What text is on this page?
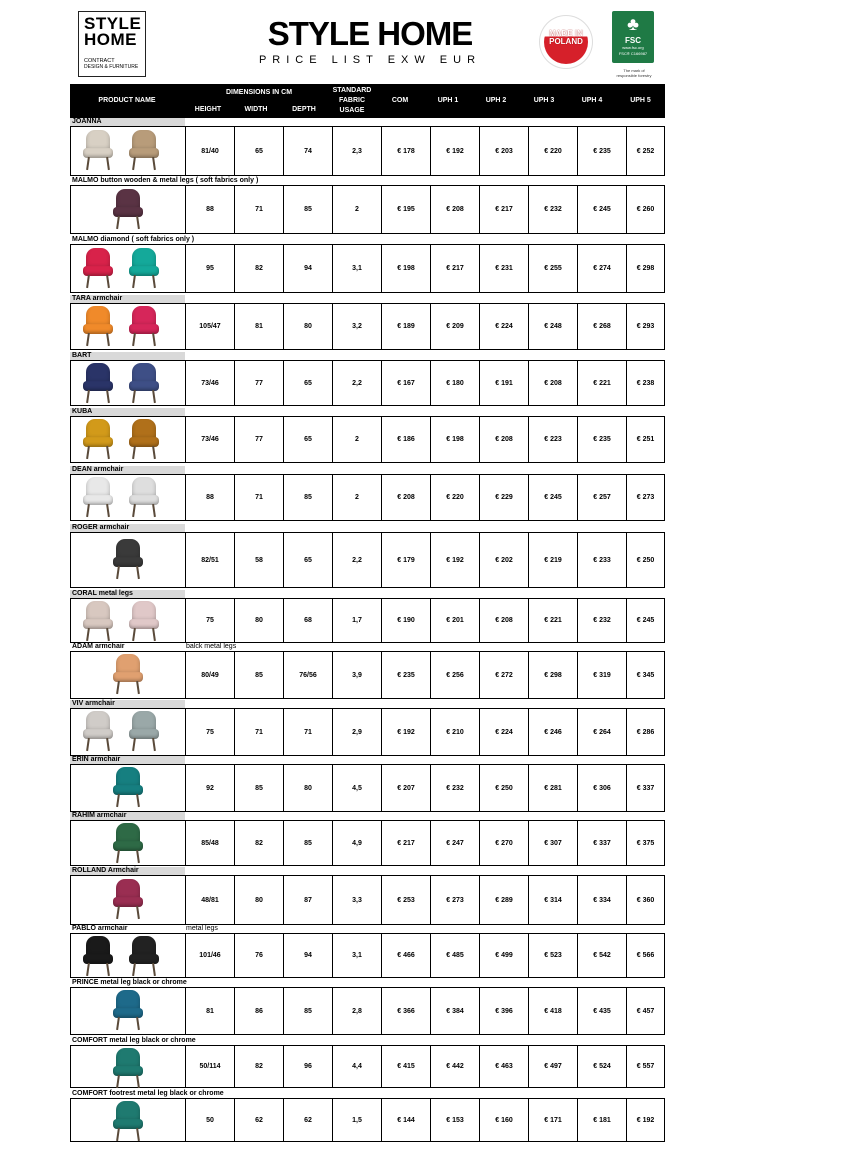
STYLE
HOME
CONTRACT
DESIGN & FURNITURE
STYLE HOME
PRICE LIST EXW EUR
MADE IN
POLAND
♣
FSC
www.fsc.org
FSC® C166987
The mark of responsible forestry
PRODUCT NAME
DIMENSIONS IN CM
HEIGHT	WIDTH	DEPTH
STANDARD
FABRIC
USAGE
COM	UPH 1	UPH 2	UPH 3	UPH 4	UPH 5
JOANNA
81/40	65	74	2,3	€ 178	€ 192	€ 203	€ 220	€ 235	€ 252
MALMO button wooden & metal legs ( soft fabrics only )
88	71	85	2	€ 195	€ 208	€ 217	€ 232	€ 245	€ 260
MALMO diamond ( soft fabrics only )
95	82	94	3,1	€ 198	€ 217	€ 231	€ 255	€ 274	€ 298
TARA armchair
105/47	81	80	3,2	€ 189	€ 209	€ 224	€ 248	€ 268	€ 293
BART
73/46	77	65	2,2	€ 167	€ 180	€ 191	€ 208	€ 221	€ 238
KUBA
73/46	77	65	2	€ 186	€ 198	€ 208	€ 223	€ 235	€ 251
DEAN armchair
88	71	85	2	€ 208	€ 220	€ 229	€ 245	€ 257	€ 273
ROGER armchair
82/51	58	65	2,2	€ 179	€ 192	€ 202	€ 219	€ 233	€ 250
CORAL metal legs
75	80	68	1,7	€ 190	€ 201	€ 208	€ 221	€ 232	€ 245
ADAM armchair	balck metal legs
80/49	85	76/56	3,9	€ 235	€ 256	€ 272	€ 298	€ 319	€ 345
VIV armchair
75	71	71	2,9	€ 192	€ 210	€ 224	€ 246	€ 264	€ 286
ERIN armchair
92	85	80	4,5	€ 207	€ 232	€ 250	€ 281	€ 306	€ 337
RAHIM armchair
85/48	82	85	4,9	€ 217	€ 247	€ 270	€ 307	€ 337	€ 375
ROLLAND Armchair
48/81	80	87	3,3	€ 253	€ 273	€ 289	€ 314	€ 334	€ 360
PABLO armchair	metal legs
101/46	76	94	3,1	€ 466	€ 485	€ 499	€ 523	€ 542	€ 566
PRINCE metal leg black or chrome
81	86	85	2,8	€ 366	€ 384	€ 396	€ 418	€ 435	€ 457
COMFORT metal leg black or chrome
50/114	82	96	4,4	€ 415	€ 442	€ 463	€ 497	€ 524	€ 557
COMFORT footrest metal leg black or chrome
50	62	62	1,5	€ 144	€ 153	€ 160	€ 171	€ 181	€ 192
